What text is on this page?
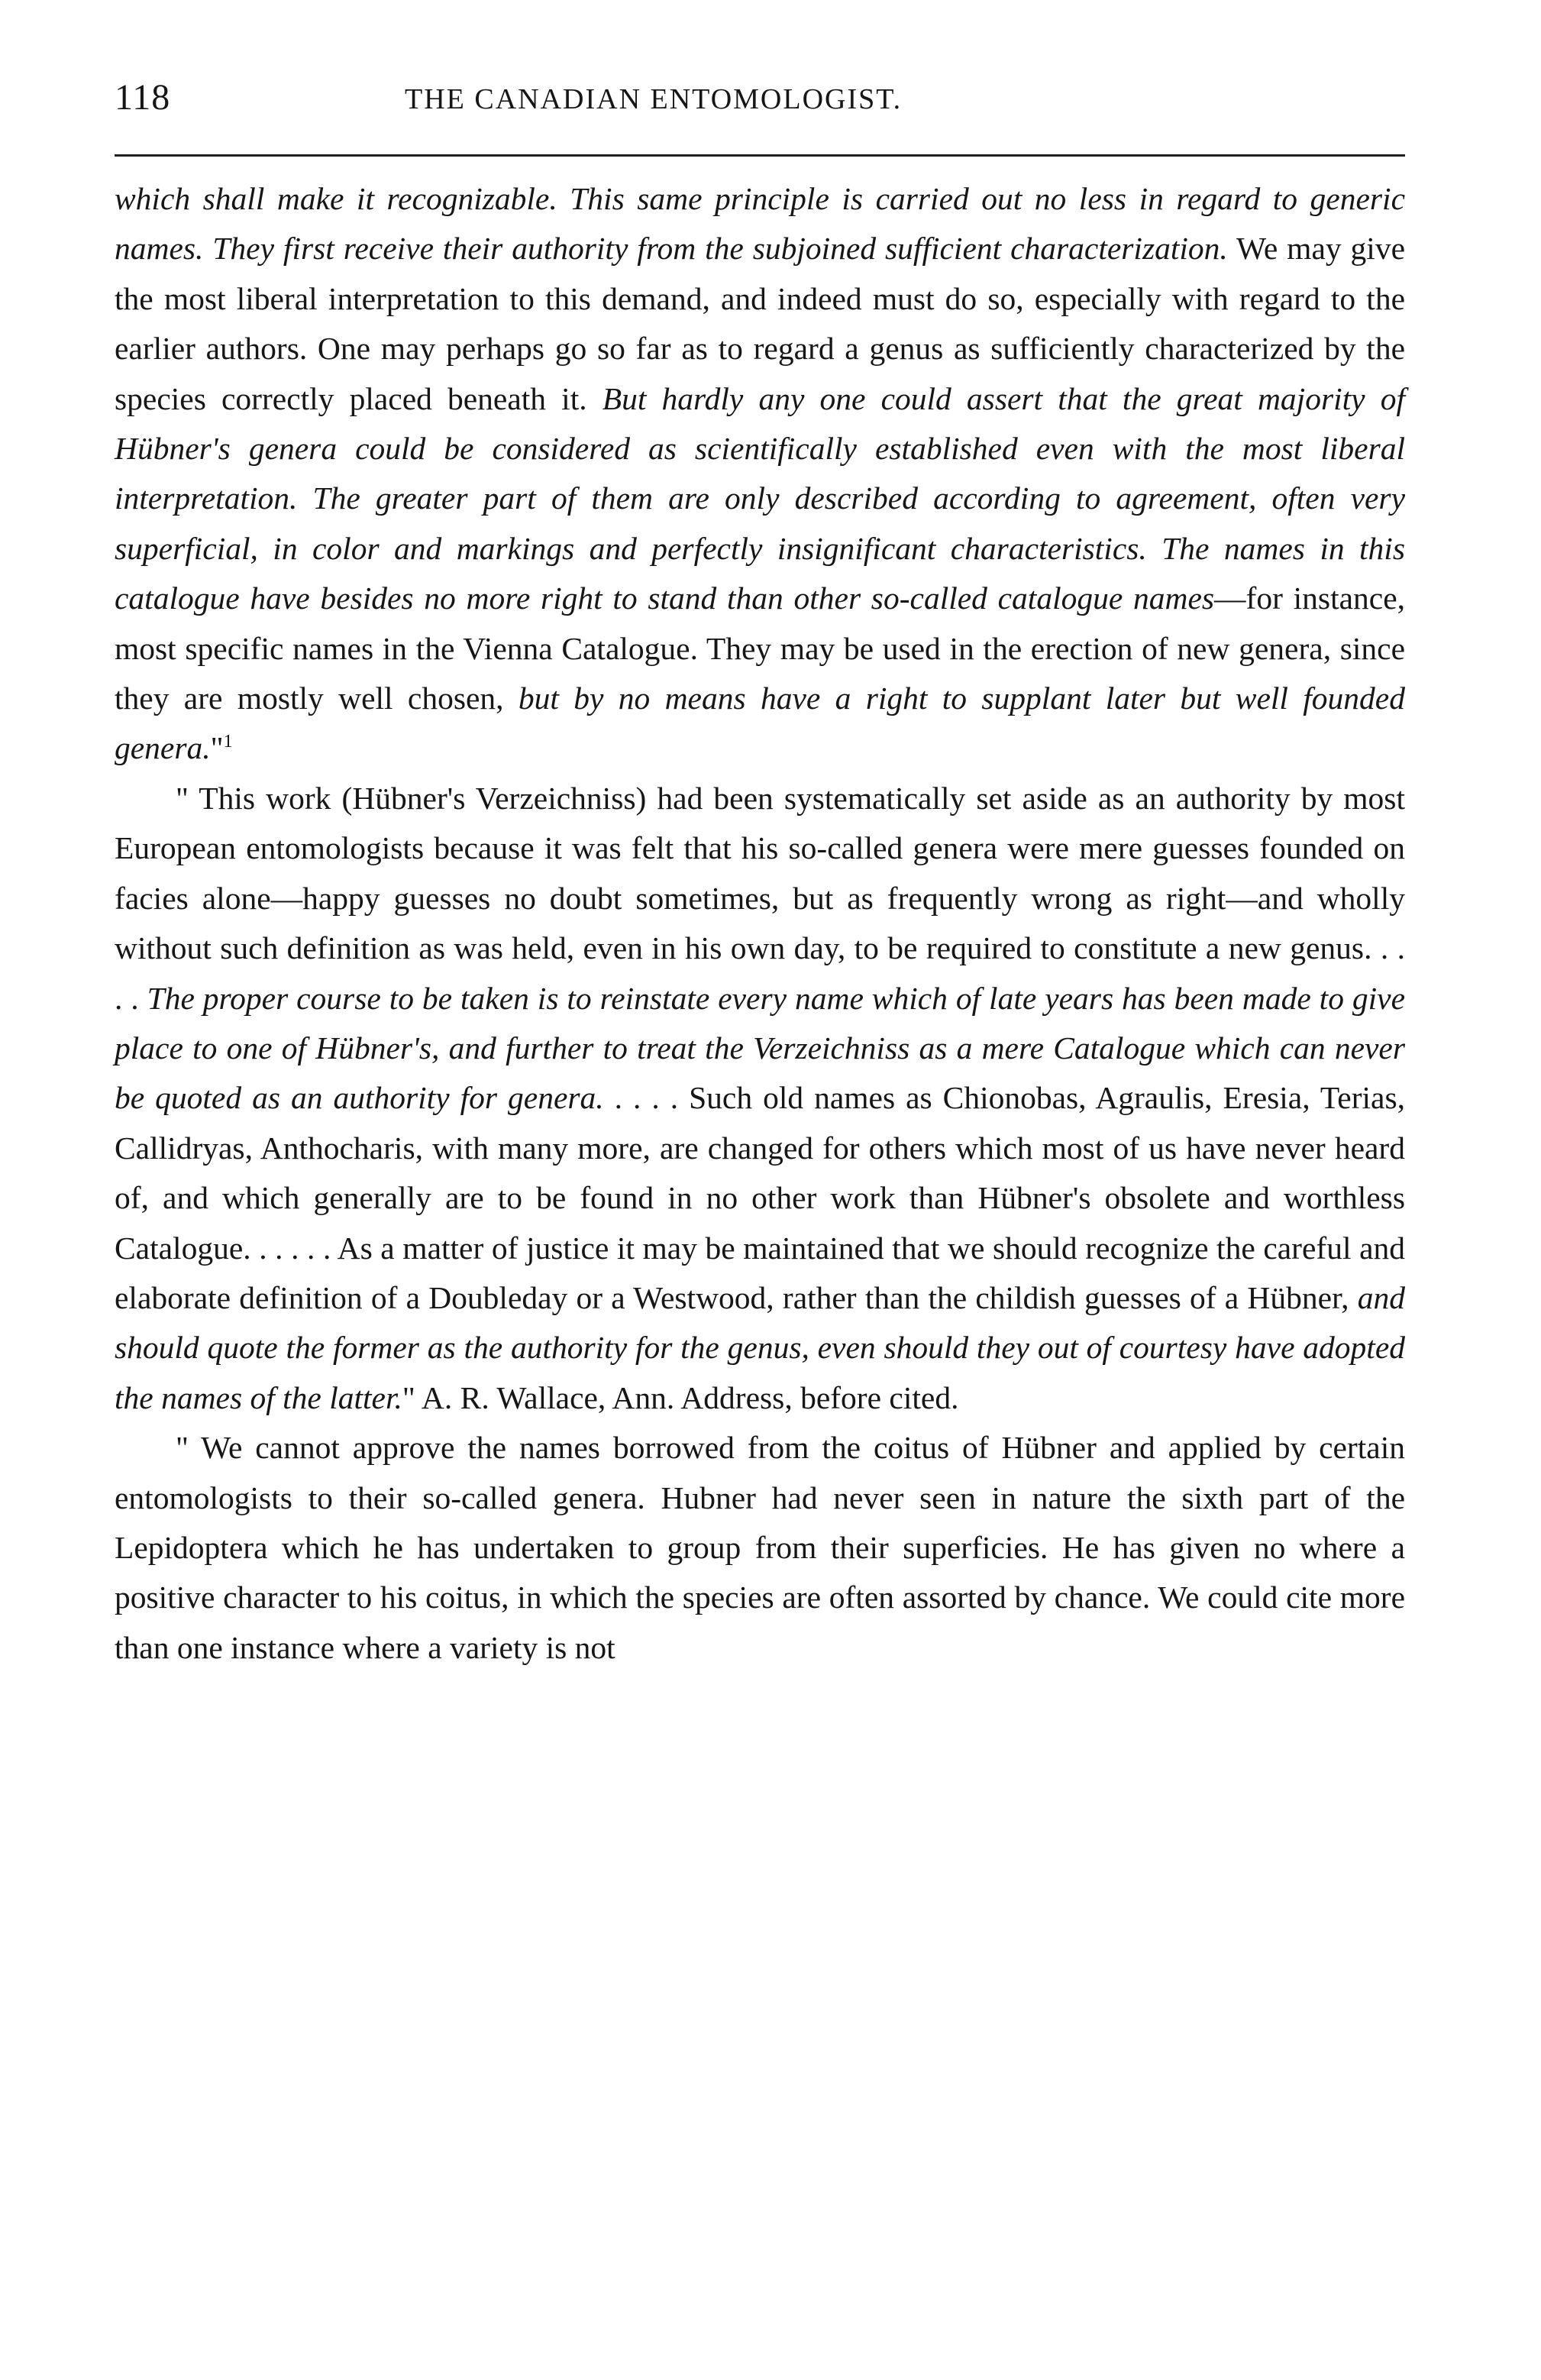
118	THE CANADIAN ENTOMOLOGIST.

which shall make it recognizable. This same principle is carried out no less in regard to generic names. They first receive their authority from the subjoined sufficient characterization. We may give the most liberal interpretation to this demand, and indeed must do so, especially with regard to the earlier authors. One may perhaps go so far as to regard a genus as sufficiently characterized by the species correctly placed beneath it. But hardly any one could assert that the great majority of Hübner's genera could be considered as scientifically established even with the most liberal interpretation. The greater part of them are only described according to agreement, often very superficial, in color and markings and perfectly insignificant characteristics. The names in this catalogue have besides no more right to stand than other so-called catalogue names—for instance, most specific names in the Vienna Catalogue. They may be used in the erection of new genera, since they are mostly well chosen, but by no means have a right to supplant later but well founded genera."$^1$

" This work (Hübner's Verzeichniss) had been systematically set aside as an authority by most European entomologists because it was felt that his so-called genera were mere guesses founded on facies alone—happy guesses no doubt sometimes, but as frequently wrong as right—and wholly without such definition as was held, even in his own day, to be required to constitute a new genus. . . . . The proper course to be taken is to reinstate every name which of late years has been made to give place to one of Hübner's, and further to treat the Verzeichniss as a mere Catalogue which can never be quoted as an authority for genera. . . . . Such old names as Chionobas, Agraulis, Eresia, Terias, Callidryas, Anthocharis, with many more, are changed for others which most of us have never heard of, and which generally are to be found in no other work than Hübner's obsolete and worthless Catalogue. . . . . . As a matter of justice it may be maintained that we should recognize the careful and elaborate definition of a Doubleday or a Westwood, rather than the childish guesses of a Hübner, and should quote the former as the authority for the genus, even should they out of courtesy have adopted the names of the latter." A. R. Wallace, Ann. Address, before cited.

" We cannot approve the names borrowed from the coitus of Hübner and applied by certain entomologists to their so-called genera. Hubner had never seen in nature the sixth part of the Lepidoptera which he has undertaken to group from their superficies. He has given no where a positive character to his coitus, in which the species are often assorted by chance. We could cite more than one instance where a variety is not
